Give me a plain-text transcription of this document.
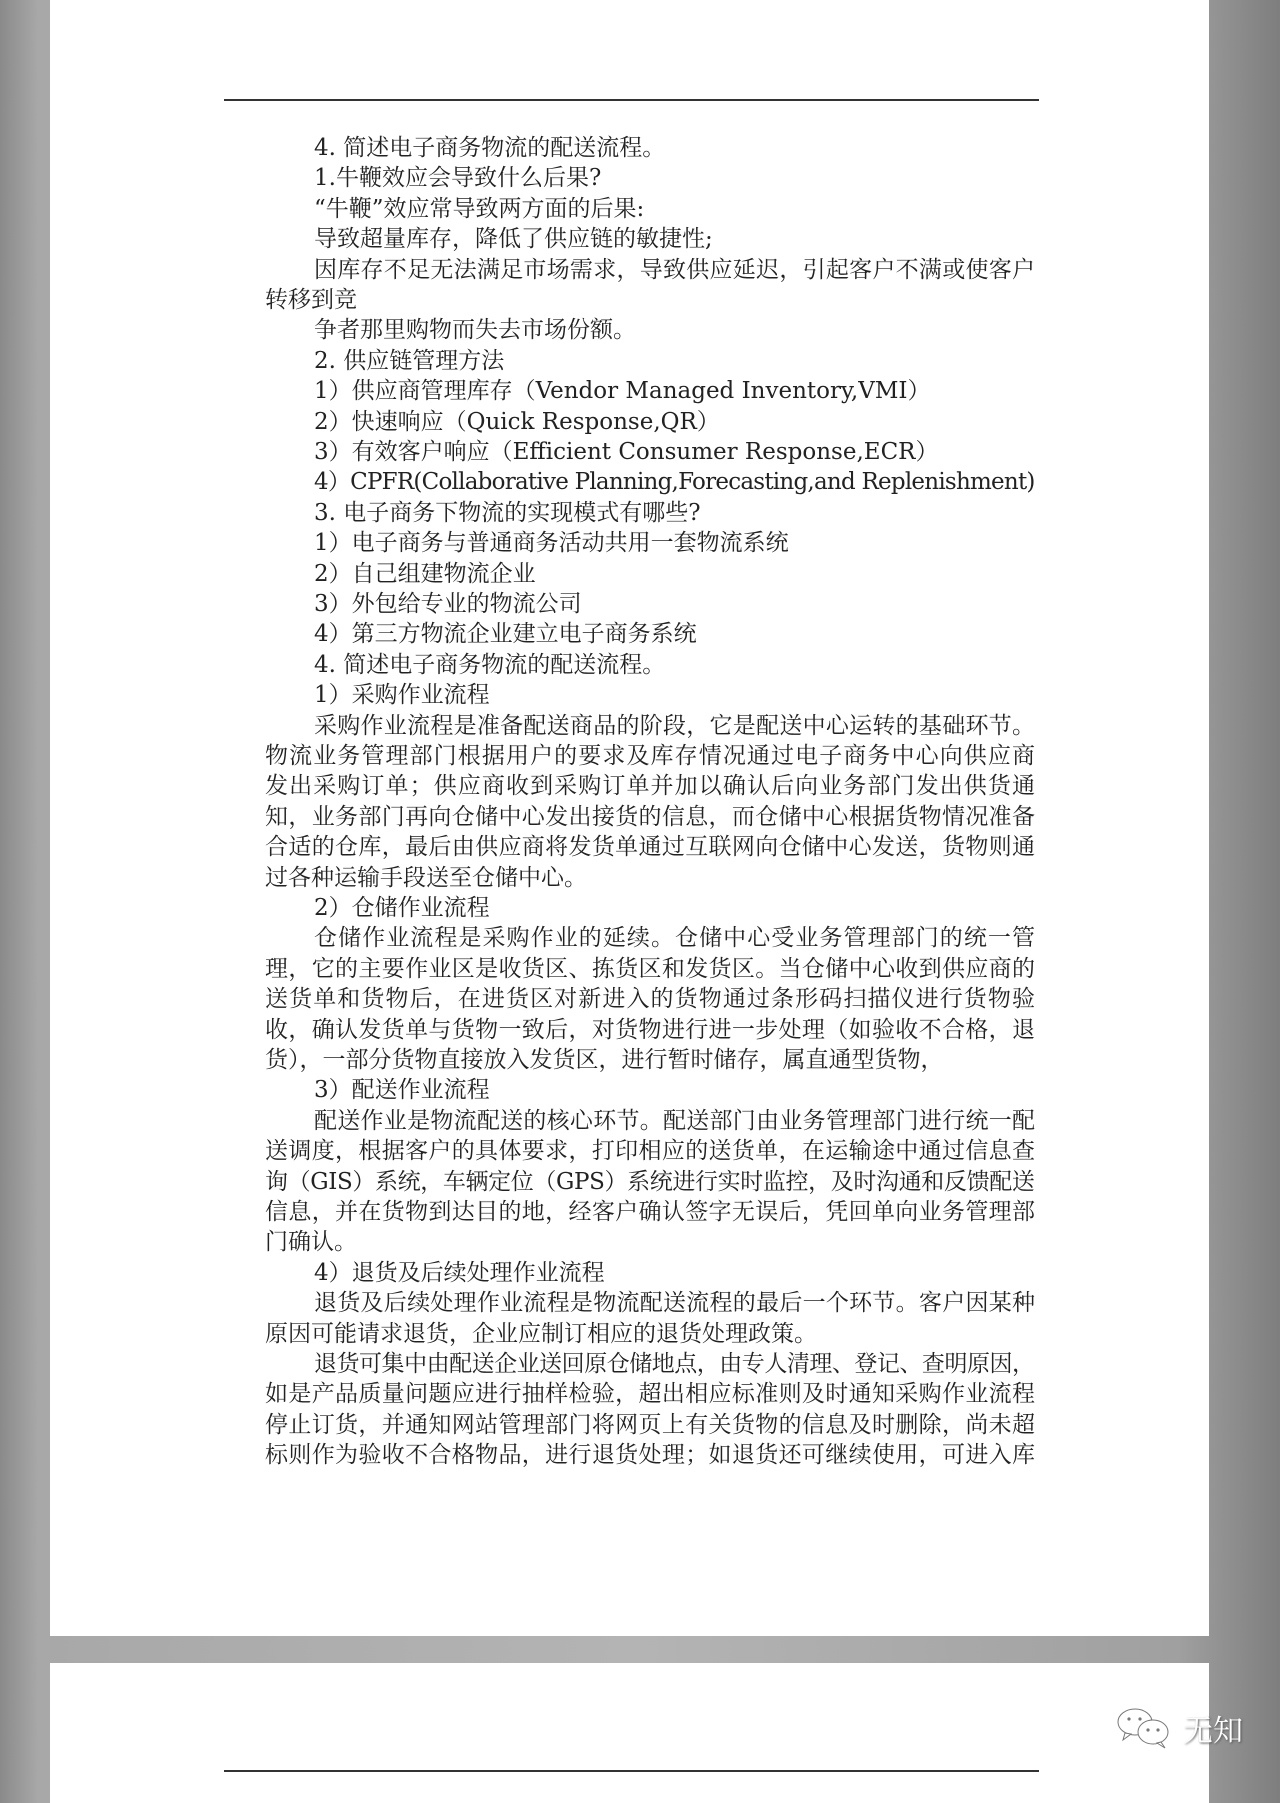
4. 简述电子商务物流的配送流程。
1.牛鞭效应会导致什么后果?
“牛鞭”效应常导致两方面的后果:
导致超量库存，降低了供应链的敏捷性;
因库存不足无法满足市场需求，导致供应延迟，引起客户不满或使客户
转移到竞
争者那里购物而失去市场份额。
2. 供应链管理方法
1）供应商管理库存（Vendor Managed Inventory,VMI）
2）快速响应（Quick Response,QR）
3）有效客户响应（Efficient Consumer Response,ECR）
4）CPFR(Collaborative Planning,Forecasting,and Replenishment)
3. 电子商务下物流的实现模式有哪些?
1）电子商务与普通商务活动共用一套物流系统
2）自己组建物流企业
3）外包给专业的物流公司
4）第三方物流企业建立电子商务系统
4. 简述电子商务物流的配送流程。
1）采购作业流程
采购作业流程是准备配送商品的阶段，它是配送中心运转的基础环节。
物流业务管理部门根据用户的要求及库存情况通过电子商务中心向供应商
发出采购订单；供应商收到采购订单并加以确认后向业务部门发出供货通
知，业务部门再向仓储中心发出接货的信息，而仓储中心根据货物情况准备
合适的仓库，最后由供应商将发货单通过互联网向仓储中心发送，货物则通
过各种运输手段送至仓储中心。
2）仓储作业流程
仓储作业流程是采购作业的延续。仓储中心受业务管理部门的统一管
理，它的主要作业区是收货区、拣货区和发货区。当仓储中心收到供应商的
送货单和货物后，在进货区对新进入的货物通过条形码扫描仪进行货物验
收，确认发货单与货物一致后，对货物进行进一步处理（如验收不合格，退
货），一部分货物直接放入发货区，进行暂时储存，属直通型货物，
3）配送作业流程
配送作业是物流配送的核心环节。配送部门由业务管理部门进行统一配
送调度，根据客户的具体要求，打印相应的送货单，在运输途中通过信息查
询（GIS）系统，车辆定位（GPS）系统进行实时监控，及时沟通和反馈配送
信息，并在货物到达目的地，经客户确认签字无误后，凭回单向业务管理部
门确认。
4）退货及后续处理作业流程
退货及后续处理作业流程是物流配送流程的最后一个环节。客户因某种
原因可能请求退货，企业应制订相应的退货处理政策。
退货可集中由配送企业送回原仓储地点，由专人清理、登记、查明原因，
如是产品质量问题应进行抽样检验，超出相应标准则及时通知采购作业流程
停止订货，并通知网站管理部门将网页上有关货物的信息及时删除，尚未超
标则作为验收不合格物品，进行退货处理；如退货还可继续使用，可进入库
无知
